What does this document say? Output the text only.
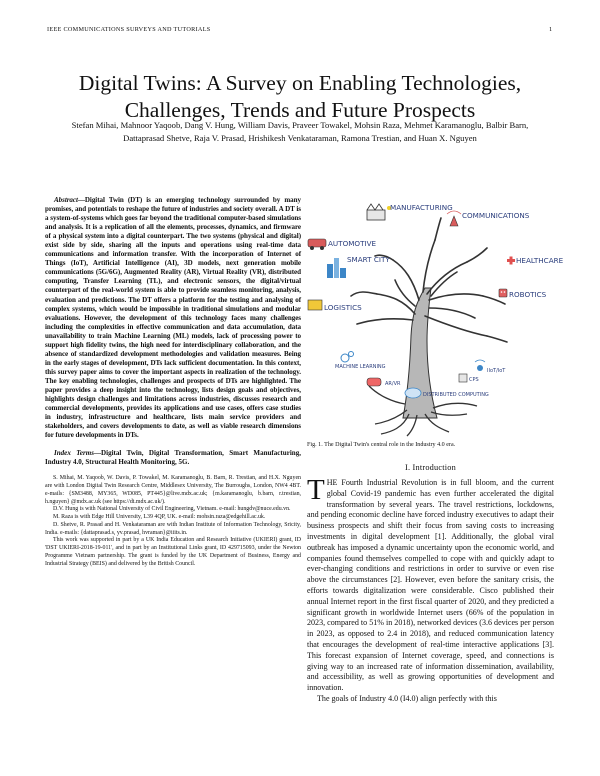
IEEE COMMUNICATIONS SURVEYS AND TUTORIALS	1
Digital Twins: A Survey on Enabling Technologies,
Challenges, Trends and Future Prospects
Stefan Mihai, Mahnoor Yaqoob, Dang V. Hung, William Davis, Praveer Towakel, Mohsin Raza, Mehmet Karamanoglu, Balbir Barn, Dattaprasad Shetve, Raja V. Prasad, Hrishikesh Venkataraman, Ramona Trestian, and Huan X. Nguyen

Abstract—Digital Twin (DT) is an emerging technology surrounded by many promises, and potentials to reshape the future of industries and society overall. A DT is a system-of-systems which goes far beyond the traditional computer-based simulations and analysis. It is a replication of all the elements, processes, dynamics, and firmware of a physical system into a digital counterpart. The two systems (physical and digital) exist side by side, sharing all the inputs and operations using real-time data communications and information transfer. With the incorporation of Internet of Things (IoT), Artificial Intelligence (AI), 3D models, next generation mobile communications (5G/6G), Augmented Reality (AR), Virtual Reality (VR), distributed computing, Transfer Learning (TL), and electronic sensors, the digital/virtual counterpart of the real-world system is able to provide seamless monitoring, analysis, evaluation and predictions. The DT offers a platform for the testing and analysing of complex systems, which would be impossible in traditional simulations and modular evaluations. However, the development of this technology faces many challenges including the complexities in effective communication and data accumulation, data unavailability to train Machine Learning (ML) models, lack of processing power to support high fidelity twins, the high need for interdisciplinary collaboration, and the absence of standardized development methodologies and validation measures. Being in the early stages of development, DTs lack sufficient documentation. In this context, this survey paper aims to cover the important aspects in realization of the technology. The key enabling technologies, challenges and prospects of DTs are highlighted. The paper provides a deep insight into the technology, lists design goals and objectives, highlights design challenges and limitations across industries, discusses research and commercial developments, provides its applications and use cases, offers case studies in industry, infrastructure and healthcare, lists main service providers and stakeholders, and covers developments to date, as well as viable research dimensions for future developments in DTs.

Index Terms—Digital Twin, Digital Transformation, Smart Manufacturing, Industry 4.0, Structural Health Monitoring, 5G.

S. Mihai, M. Yaqoob, W. Davis, P. Towakel, M. Karamanoglu, B. Barn, R. Trestian, and H.X. Nguyen are with London Digital Twin Research Centre, Middlesex University, The Burroughs, London, NW4 4BT. e-mails: {SM3488, MY365, WD085, PT445}@live.mdx.ac.uk; {m.karamanoglu, b.barn, r.trestian, h.nguyen} @mdx.ac.uk (see https://dt.mdx.ac.uk/).

D.V. Hung is with National University of Civil Engineering, Vietnam. e-mail: hungdv@nuce.edu.vn.

M. Raza is with Edge Hill University, L39 4QP, UK. e-mail: mohsin.raza@edgehill.ac.uk.

D. Shetve, R. Prasad and H. Venkataraman are with Indian Institute of Information Technology, Sricity, India. e-mails: {dattaprasad.s, yv.prasad, hvraman}@iiits.in.

This work was supported in part by a UK India Education and Research Initiative (UKIERI) grant, ID 'DST UKIERI-2018-19-011', and in part by an Institutional Links grant, ID 429715093, under the Newton Programme Vietnam partnership. The grant is funded by the UK Department of Business, Energy and Industrial Strategy (BEIS) and delivered by the British Council.

MANUFACTURING
COMMUNICATIONS
AUTOMOTIVE
SMART CITY	HEALTHCARE
LOGISTICS
ROBOTICS
MACHINE LEARNING
AR/VR
CPS
IIoT/IoT
DISTRIBUTED COMPUTING
Fig. 1. The Digital Twin's central role in the Industry 4.0 era.
I. Introduction

THE Fourth Industrial Revolution is in full bloom, and the current global Covid-19 pandemic has even further accelerated the digital transformation by several years. The travel restrictions, lockdowns, and pending economic decline have forced industry executives to adapt their business prospects and shift their focus from saving costs to increasing investments in digital development [1]. Additionally, the global viral outbreak has imposed a dynamic uncertainty upon the economic world, and companies found themselves compelled to cope with and quickly adapt to ever-changing conditions and restrictions in order to survive or even rise above the circumstances [2]. However, even before the sanitary crisis, the efforts towards digitalization were considerable. Cisco published their annual Internet report in the first fiscal quarter of 2020, and they predicted a significant growth in worldwide Internet users (66% of the population in 2023, compared to 51% in 2018), networked devices (3.6 devices per person in 2023, as opposed to 2.4 in 2018), and reduced communication latency that encourages the development of real-time interactive applications [3]. This forecast expansion of Internet coverage, speed, and connections is giving way to an increased rate of information dissemination, availability, and accessibility, as well as growing opportunities of development and innovation.

The goals of Industry 4.0 (I4.0) align perfectly with this
